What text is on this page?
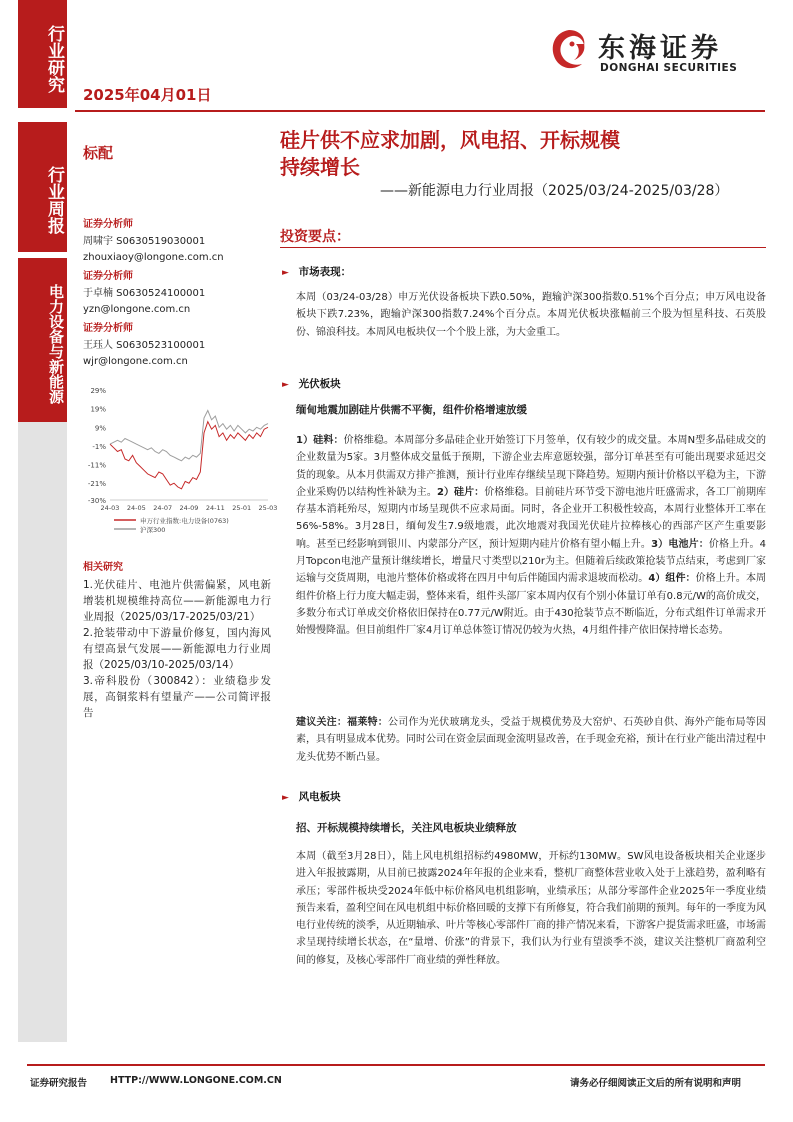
行业研究
行业周报
电力设备与新能源
2025年04月01日
东海证券
DONGHAI SECURITIES
标配
硅片供不应求加剧，风电招、开标规模
持续增长
——新能源电力行业周报（2025/03/24-2025/03/28）
证券分析师
周啸宇 S0630519030001
zhouxiaoy@longone.com.cn
证券分析师
于卓楠 S0630524100001
yzn@longone.com.cn
证券分析师
王珏人 S0630523100001
wjr@longone.com.cn
29%
19%
9%
-1%
-11%
-21%
-30%
24-03 24-05 24-07 24-09 24-11 25-01 25-03
申万行业指数:电力设备(0763)
沪深300
相关研究
1.光伏硅片、电池片供需偏紧，风电新增装机规模维持高位——新能源电力行业周报（2025/03/17-2025/03/21）
2.抢装带动中下游量价修复，国内海风有望高景气发展——新能源电力行业周报（2025/03/10-2025/03/14）
3.帝科股份（300842）：业绩稳步发展，高铜浆料有望量产——公司简评报告
投资要点：
► 市场表现：

本周（03/24-03/28）申万光伏设备板块下跌0.50%，跑输沪深300指数0.51%个百分点；申万风电设备板块下跌7.23%，跑输沪深300指数7.24%个百分点。本周光伏板块涨幅前三个股为恒星科技、石英股份、锦浪科技。本周风电板块仅一个个股上涨，为大金重工。

► 光伏板块
缅甸地震加剧硅片供需不平衡，组件价格增速放缓

1）硅料：价格维稳。本周部分多晶硅企业开始签订下月签单，仅有较少的成交量。本周N型多晶硅成交的企业数量为5家。3月整体成交量低于预期，下游企业去库意愿较强，部分订单甚至有可能出现要求延迟交货的现象。从本月供需双方排产推测，预计行业库存继续呈现下降趋势。短期内预计价格以平稳为主，下游企业采购仍以结构性补缺为主。2）硅片：价格维稳。目前硅片环节受下游电池片旺盛需求，各工厂前期库存基本消耗殆尽，短期内市场呈现供不应求局面。同时，各企业开工积极性较高，本周行业整体开工率在56%-58%。3月28日，缅甸发生7.9级地震，此次地震对我国光伏硅片拉棒核心的西部产区产生重要影响。甚至已经影响到银川、内蒙部分产区，预计短期内硅片价格有望小幅上升。3）电池片：价格上升。4月Topcon电池产量预计继续增长，增量尺寸类型以210r为主。但随着后续政策抢装节点结束，考虑到厂家运输与交货周期，电池片整体价格或将在四月中旬后伴随国内需求退坡而松动。4）组件：价格上升。本周组件价格上行力度大幅走弱，整体来看，组件头部厂家本周内仅有个别小体量订单有0.8元/W的高价成交，多数分布式订单成交价格依旧保持在0.77元/W附近。由于430抢装节点不断临近，分布式组件订单需求开始慢慢降温。但目前组件厂家4月订单总体签订情况仍较为火热，4月组件排产依旧保持增长态势。

建议关注：福莱特：公司作为光伏玻璃龙头，受益于规模优势及大窑炉、石英砂自供、海外产能布局等因素，具有明显成本优势。同时公司在资金层面现金流明显改善，在手现金充裕，预计在行业产能出清过程中龙头优势不断凸显。

► 风电板块
招、开标规模持续增长，关注风电板块业绩释放

本周（截至3月28日），陆上风电机组招标约4980MW，开标约130MW。SW风电设备板块相关企业逐步进入年报披露期，从目前已披露2024年年报的企业来看，整机厂商整体营业收入处于上涨趋势，盈利略有承压；零部件板块受2024年低中标价格风电机组影响，业绩承压；从部分零部件企业2025年一季度业绩预告来看，盈利空间在风电机组中标价格回暖的支撑下有所修复，符合我们前期的预判。每年的一季度为风电行业传统的淡季，从近期轴承、叶片等核心零部件厂商的排产情况来看，下游客户提货需求旺盛，市场需求呈现持续增长状态，在“量增、价涨”的背景下，我们认为行业有望淡季不淡，建议关注整机厂商盈利空间的修复，及核心零部件厂商业绩的弹性释放。

证券研究报告 HTTP://WWW.LONGONE.COM.CN	请务必仔细阅读正文后的所有说明和声明
